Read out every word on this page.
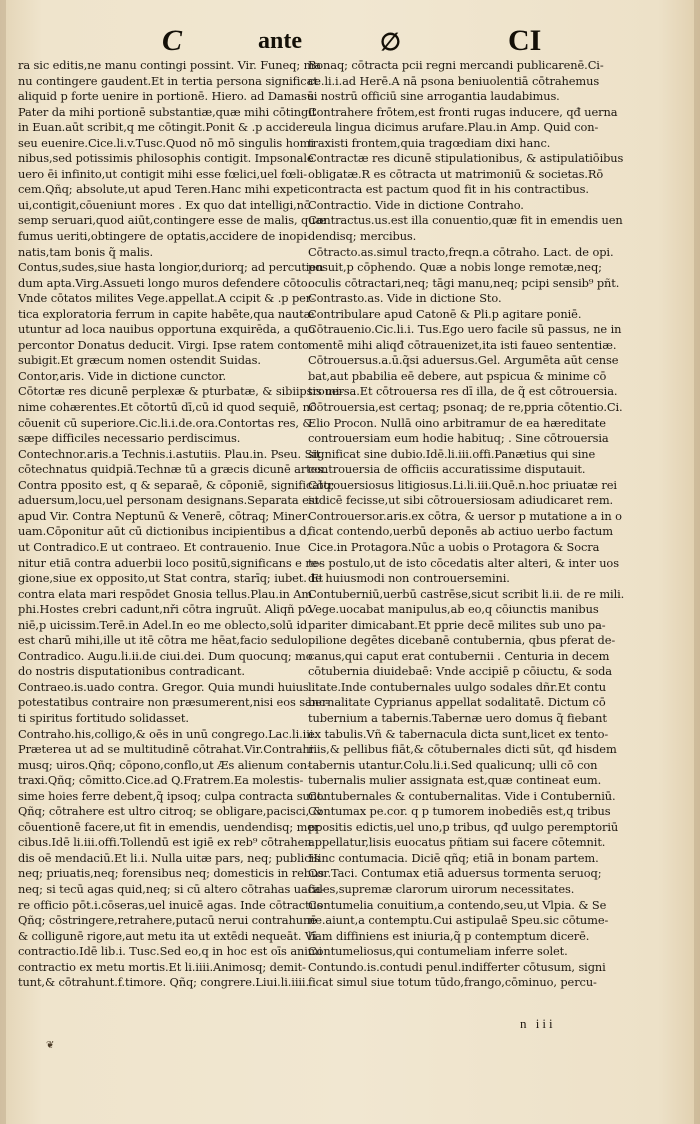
C	ante	∅	CI
ra sic editis,ne manu contingi possint. Vir. Funeq; ma
nu contingere gaudent.Et in tertia persona significat
aliquid p forte uenire in portionē. Hiero. ad Damasū
Pater da mihi portionē substantiæ,quæ mihi cōtingit
in Euan.aūt scribit,q me cōtingit.Ponit & .p accidere
seu euenire.Cice.li.v.Tusc.Quod nō mō singulis homi
nibus,sed potissimis philosophis contigit. Impsonale
uero ēi infinito,ut contigit mihi esse fœlici,uel fœli-
cem.Qñq; absolute,ut apud Teren.Hanc mihi expeti
ui,contigit,cōueniunt mores . Ex quo dat intelligi,nō
semp seruari,quod aiūt,contingere esse de malis, quæ
fumus ueriti,obtingere de optatis,accidere de inopi-
natis,tam bonis q̃ malis.
Contus,sudes,siue hasta longior,duriorq; ad percutien
dum apta.Virg.Assueti longo muros defendere cōto.
Vnde cōtatos milites Vege.appellat.A ccipit & .p per-
tica exploratoria ferrum in capite habēte,qua nautæ
utuntur ad loca nauibus opportuna exquirēda, a quo
percontor Donatus deducit. Virgi. Ipse ratem conto
subigit.Et græcum nomen ostendit Suidas.
Contor,aris. Vide in dictione cunctor.
Cōtortæ res dicunē perplexæ & pturbatæ, & sibiipsis mi-
nime cohærentes.Et cōtortū dī,cū id quod sequiē, nō
cōuenit cū superiore.Cic.li.i.de.ora.Contortas res, &
sæpe difficiles necessario perdiscimus.
Contechnor.aris.a Technis.i.astutiis. Plau.in. Pseu. Sit
cōtechnatus quidpiā.Technæ tū a græcis dicunē artes.
Contra pposito est, q & separaē, & cōponiē, significatq;
aduersum,locu,uel personam designans.Separata est
apud Vir. Contra Neptunū & Venerē, cōtraq; Miner-
uam.Cōponitur aūt cū dictionibus incipientibus a d,
ut Contradico.E ut contraeo. Et contrauenio. Inue
nitur etiā contra aduerbii loco positū,significans e re-
gione,siue ex opposito,ut Stat contra, starīq; iubet. Et
contra elata mari respōdet Gnosia tellus.Plau.in Am
phi.Hostes crebri cadunt,nři cōtra ingruūt. Aliqñ po
niē,p uicissim.Terē.in Adel.In eo me oblecto,solū id
est charū mihi,ille ut itē cōtra me hēat,facio sedulo.
Contradico. Augu.li.ii.de ciui.dei. Dum quocunq; mo
do nostris disputationibus contradicant.
Contraeo.is.uado contra. Gregor. Quia mundi huius
potestatibus contraire non præsumerent,nisi eos sanc-
ti spiritus fortitudo solidasset.
Contraho.his,colligo,& oēs in unū congrego.Lac.li.iii.
Præterea ut ad se multitudinē cōtrahat.Vir.Contrahi
musq; uiros.Qñq; cōpono,conflo,ut Æs alienum con-
traxi.Qñq; cōmitto.Cice.ad Q.Fratrem.Ea molestis-
sime hoies ferre debent,q̃ ipsoq; culpa contracta sunt.
Qñq; cōtrahere est ultro citroq; se obligare,pacisci, &
cōuentionē facere,ut fit in emendis, uendendisq; mer
cibus.Idē li.iii.offi.Tollendū est igiē ex reb⁹ cōtrahen
dis oē mendaciū.Et li.i. Nulla uitæ pars, neq; publicis
neq; priuatis,neq; forensibus neq; domesticis in rebus
neq; si tecū agas quid,neq; si cū altero cōtrahas uaca-
re officio pōt.i.cōseras,uel inuicē agas. Inde cōtractus
Qñq; cōstringere,retrahere,putacū nerui contrahunē
& colligunē rigore,aut metu ita ut extēdi nequeāt. Vī
contractio.Idē lib.i. Tusc.Sed eo,q in hoc est oīs animi
contractio ex metu mortis.Et li.iiii.Animosq; demit-
tunt,& cōtrahunt.f.timore. Qñq; congrere.Liui.li.iiii.
Bonaq; cōtracta pcii regni mercandi publicarenē.Ci-
ce.li.i.ad Herē.A nā psona beniuolentiā cōtrahemus
si nostrū officiū sine arrogantia laudabimus.
Contrahere frōtem,est fronti rugas inducere, qđ uerna
cula lingua dicimus arufare.Plau.in Amp. Quid con-
traxisti frontem,quia tragœdiam dixi hanc.
Contractæ res dicunē stipulationibus, & astipulatiōibus
obligatæ.R es cōtracta ut matrimoniū & societas.Rō
contracta est pactum quod fit in his contractibus.
Contractio. Vide in dictione Contraho.
Contractus.us.est illa conuentio,quæ fit in emendis uen
dendisq; mercibus.
Cōtracto.as.simul tracto,freqn.a cōtraho. Lact. de opi.
posuit,p cōphendo. Quæ a nobis longe remotæ,neq;
oculis cōtractari,neq; tāgi manu,neq; pcipi sensib⁹ pñt.
Contrasto.as. Vide in dictione Sto.
Contribulare apud Catonē & Pli.p agitare poniē.
Cōtrauenio.Cic.li.i. Tus.Ego uero facile sū passus, ne in
mentē mihi aliqđ cōtrauenizet,ita isti faueo sententiæ.
Cōtrouersus.a.ū.q̃si aduersus.Gel. Argumēta aūt cense
bat,aut pbabilia eē debere, aut pspicua & minime cō
trouersa.Et cōtrouersa res dī illa, de q̃ est cōtrouersia.
Cōtrouersia,est certaq; psonaq; de re,ppria cōtentio.Ci.
Elio Procon. Nullā oino arbitramur de ea hæreditate
controuersiam eum hodie habituq; . Sine cōtrouersia
significat sine dubio.Idē.li.iii.offi.Panætius qui sine
controuersia de officiis accuratissime disputauit.
Cōtrouersiosus litigiosus.Li.li.iii.Quē.n.hoc priuatæ rei
iudicē fecisse,ut sibi cōtrouersiosam adiudicaret rem.
Controuersor.aris.ex cōtra, & uersor p mutatione a in o
ficat contendo,uerbū deponēs ab actiuo uerbo factum
Cice.in Protagora.Nūc a uobis o Protagora & Socra
tes postulo,ut de isto cōcedatis alter alteri, & inter uos
de huiusmodi non controuersemini.
Contuberniū,uerbū castrēse,sicut scribit li.ii. de re mili.
Vege.uocabat manipulus,ab eo,q cōiunctis manibus
pariter dimicabant.Et pprie decē milites sub uno pa-
pilione degētes dicebanē contubernia, qbus pferat de-
canus,qui caput erat contubernii . Centuria in decem
cōtubernia diuidebaē: Vnde accipiē p cōiuctu, & soda
litate.Inde contubernales uulgo sodales dñr.Et contu
bernalitate Cyprianus appellat sodalitatē. Dictum cō
tubernium a tabernis.Tabernæ uero domus q̃ fiebant
ex tabulis.Vñ & tabernacula dicta sunt,licet ex tento-
riis,& pellibus fiāt,& cōtubernales dicti sūt, qđ hisdem
tabernis utantur.Colu.li.i.Sed qualicunq; ulli cō con
tubernalis mulier assignata est,quæ contineat eum.
Contubernales & contubernalitas. Vide i Contuberniū.
Contumax pe.cor. q p tumorem inobediēs est,q tribus
ppositis edictis,uel uno,p tribus, qđ uulgo peremptoriū
appellatur,lisis euocatus pñtiam sui facere cōtemnit.
Hinc contumacia. Diciē qñq; etiā in bonam partem.
Cor.Taci. Contumax etiā aduersus tormenta seruoq;
fides,supremæ clarorum uirorum necessitates.
Contumelia conuitium,a contendo,seu,ut Vlpia. & Se
ne.aiunt,a contemptu.Cui astipulaē Speu.sic cōtume-
liam diffiniens est iniuria,q̃ p contemptum dicerē.
Contumeliosus,qui contumeliam inferre solet.
Contundo.is.contudi penul.indifferter cōtusum, signi
ficat simul siue totum tūdo,frango,cōminuo, percu-
n iii
❦
